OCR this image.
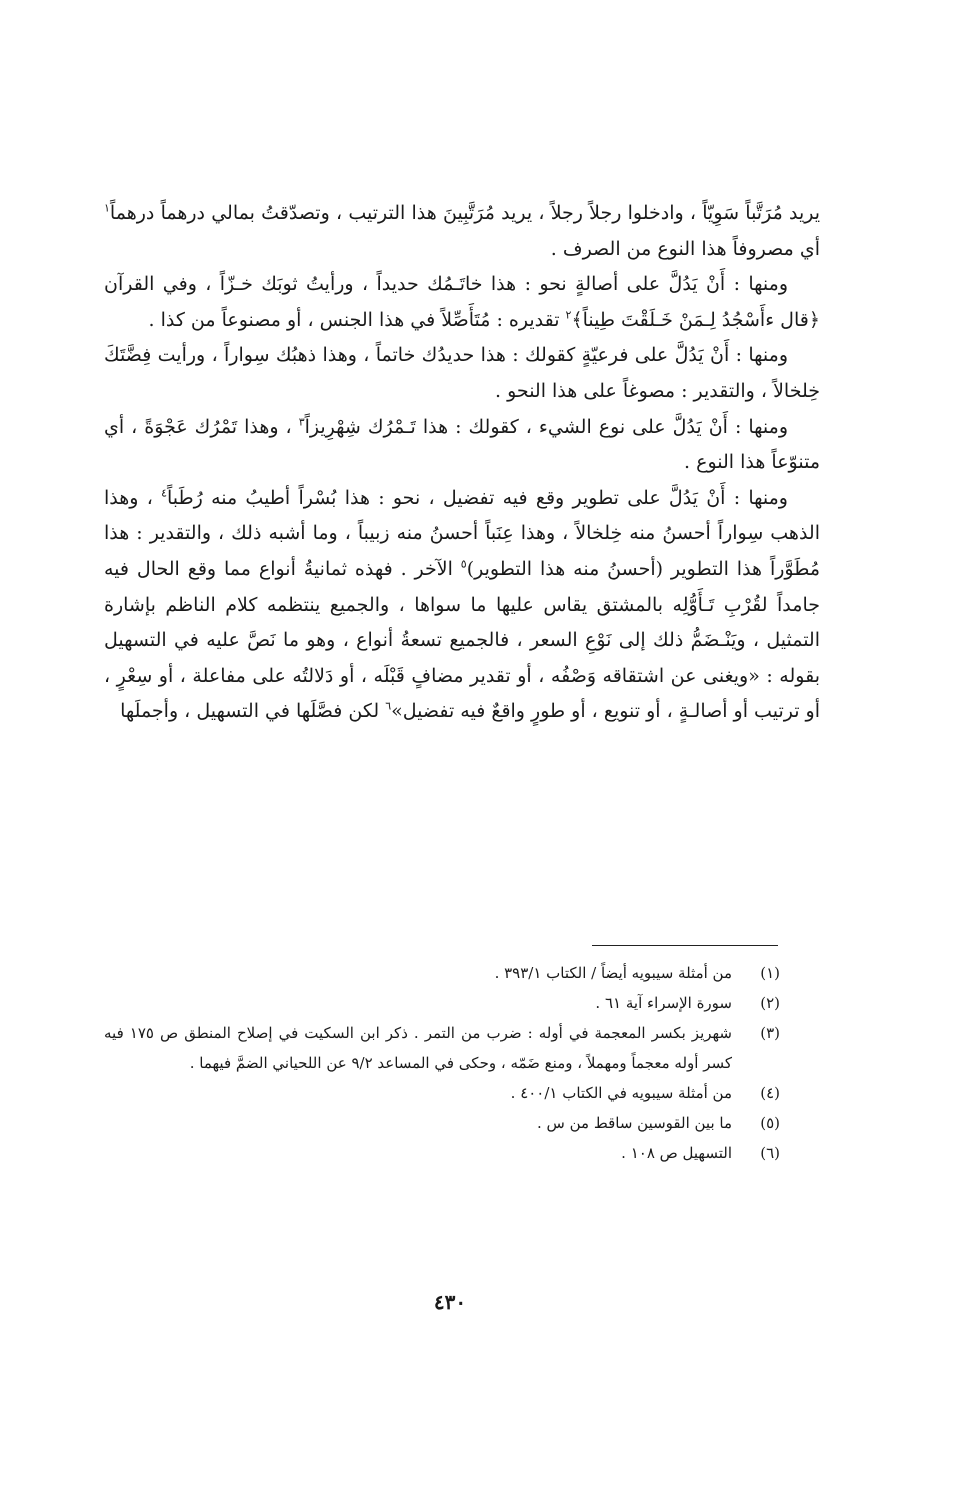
يريد مُرَتَّباً سَوِيّاً ، وادخلوا رجلاً رجلاً ، يريد مُرَتَّبِينَ هذا الترتيب ، وتصدّقتُ بمالي درهماً درهماً$^١$ أي مصروفاً هذا النوع من الصرف .

ومنها : أَنْ يَدُلَّ على أصالةٍ نحو : هذا خاتَـمُك حديداً ، ورأيتُ ثوبَك خـزّاً ، وفي القرآن ﴿قال ءأَسْجُدُ لِـمَنْ خَـلَقْتَ طِيناً﴾$^٢$ تقديره : مُتَأَصِّلاً في هذا الجنس ، أو مصنوعاً من كذا .

ومنها : أَنْ يَدُلَّ على فرعيّةٍ كقولك : هذا حديدُك خاتماً ، وهذا ذهبُك سِواراً ، ورأيت فِضَّتَكَ خِلخالاً ، والتقدير : مصوغاً على هذا النحو .

ومنها : أَنْ يَدُلَّ على نوع الشيء ، كقولك : هذا تَـمْرُك شِهْرِيزاً$^٣$ ، وهذا تَمْرُك عَجْوَةً ، أي متنوّعاً هذا النوع .

ومنها : أَنْ يَدُلَّ على تطوير وقع فيه تفضيل ، نحو : هذا بُسْراً أطيبُ منه رُطَباً$^٤$ ، وهذا الذهب سِواراً أحسنُ منه خِلخالاً ، وهذا عِنَباً أحسنُ منه زبيباً ، وما أشبه ذلك ، والتقدير : هذا مُطَوَّراً هذا التطوير (أحسنُ منه هذا التطوير)$^٥$ الآخر . فهذه ثمانيةُ أنواع مما وقع الحال فيه جامداً لقُرْبِ تَـأَوُّلِه بالمشتق يقاس عليها ما سواها ، والجميع ينتظمه كلام الناظم بإشارة التمثيل ، ويَنْـضَمُّ ذلك إلى نَوْعِ السعر ، فالجميع تسعةُ أنواع ، وهو ما نَصَّ عليه في التسهيل بقوله : «ويغنى عن اشتقاقه وَصْفُه ، أو تقدير مضافٍ قَبْلَه ، أو دَلالتُه على مفاعلة ، أو سِعْرٍ ، أو ترتيب أو أصالـةٍ ، أو تنويع ، أو طورٍ واقعٌ فيه تفضيل»$^٦$ لكن فصَّلَها في التسهيل ، وأجملَها

(١)
من أمثلة سيبويه أيضاً / الكتاب ٣٩٣/١ .
(٢)
سورة الإسراء آية ٦١ .
(٣)
شهريز بكسر المعجمة في أوله : ضرب من التمر . ذكر ابن السكيت في إصلاح المنطق ص ١٧٥ فيه كسر أوله معجماً ومهملاً ، ومنع ضَمّه ، وحكى في المساعد ٩/٢ عن اللحياني الضمَّ فيهما .
(٤)
من أمثلة سيبويه في الكتاب ٤٠٠/١ .
(٥)
ما بين القوسين ساقط من س .
(٦)
التسهيل ص ١٠٨ .
٤٣٠
